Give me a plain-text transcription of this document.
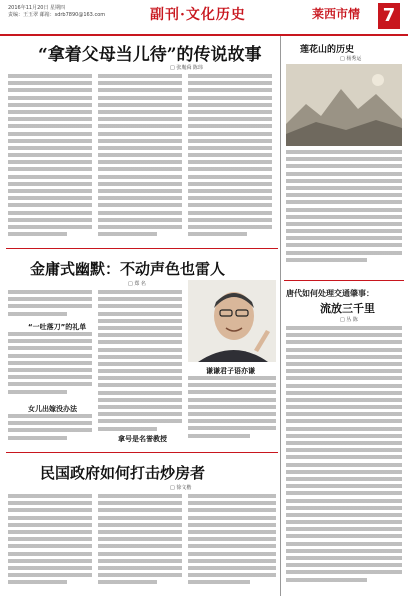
2016年11月20日 星期四
责编：王玉翠 邮箱：sdrb7890@163.com	副刊·文化历史	莱西市情 7
“拿着父母当儿待”的传说故事
□ 张胤舜 陈玮
莲花山的历史
□ 杨秀运
唐代如何处理交通肇事：
流放三千里
□ 丛 陈
金庸式幽默：不动声色也雷人
□ 郑 名
“一吐落刀”的礼单
女儿出嫁没办法
谦谦君子语亦谦
拿号是名誉教授
民国政府如何打击炒房者
□ 徐文楷
